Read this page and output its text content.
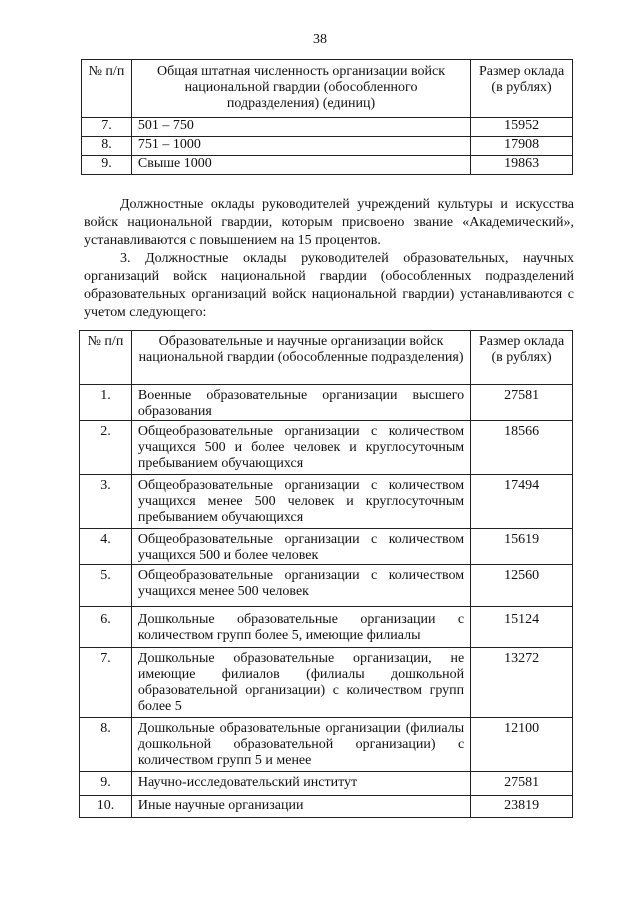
38
№ п/п	Общая штатная численность организации войск национальной гвардии (обособленного подразделения) (единиц)	Размер оклада (в рублях)
7.	501 – 750	15952
8.	751 – 1000	17908
9.	Свыше 1000	19863

Должностные оклады руководителей учреждений культуры и искусства войск национальной гвардии, которым присвоено звание «Академический», устанавливаются с повышением на 15 процентов.

3. Должностные оклады руководителей образовательных, научных организаций войск национальной гвардии (обособленных подразделений образовательных организаций войск национальной гвардии) устанавливаются с учетом следующего:

№ п/п	Образовательные и научные организации войск национальной гвардии (обособленные подразделения)	Размер оклада (в рублях)
1.	Военные образовательные организации высшего образования	27581
2.	Общеобразовательные организации с количеством учащихся 500 и более человек и круглосуточным пребыванием обучающихся	18566
3.	Общеобразовательные организации с количеством учащихся менее 500 человек и круглосуточным пребыванием обучающихся	17494
4.	Общеобразовательные организации с количеством учащихся 500 и более человек	15619
5.	Общеобразовательные организации с количеством учащихся менее 500 человек	12560
6.	Дошкольные образовательные организации с количеством групп более 5, имеющие филиалы	15124
7.	Дошкольные образовательные организации, не имеющие филиалов (филиалы дошкольной образовательной организации) с количеством групп более 5	13272
8.	Дошкольные образовательные организации (филиалы дошкольной образовательной организации) с количеством групп 5 и менее	12100
9.	Научно-исследовательский институт	27581
10.	Иные научные организации	23819
